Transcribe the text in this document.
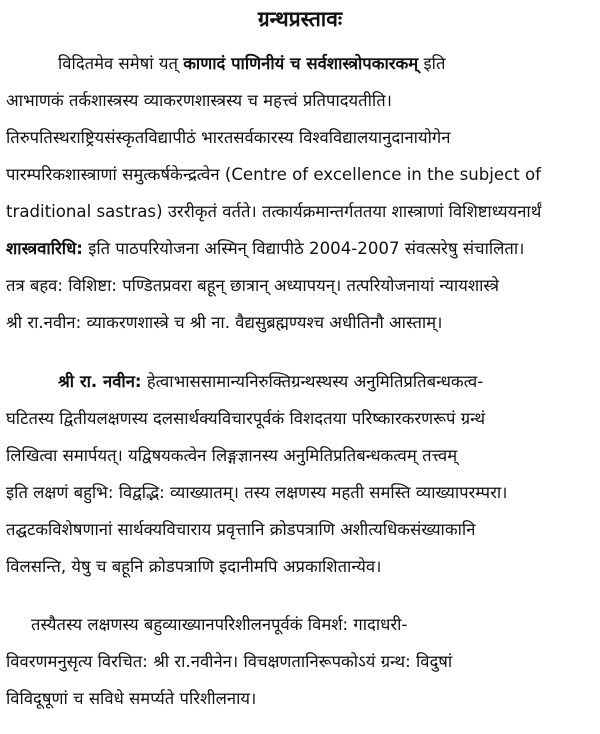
ग्रन्थप्रस्तावः
विदितमेव समेषां यत् काणादं पाणिनीयं च सर्वशास्त्रोपकारकम् इति
आभाणकं तर्कशास्त्रस्य व्याकरणशास्त्रस्य च महत्त्वं प्रतिपादयतीति।
तिरुपतिस्थराष्ट्रियसंस्कृतविद्यापीठं भारतसर्वकारस्य विश्वविद्यालयानुदानायोगेन
पारम्परिकशास्त्राणां समुत्कर्षकेन्द्रत्वेन (Centre of excellence in the subject of
traditional sastras) उररीकृतं वर्तते। तत्कार्यक्रमान्तर्गततया शास्त्राणां विशिष्टाध्ययनार्थं
शास्त्रवारिधि: इति पाठपरियोजना अस्मिन् विद्यापीठे 2004-2007 संवत्सरेषु संचालिता।
तत्र बहव: विशिष्टा: पण्डितप्रवरा बहून् छात्रान् अध्यापयन्। तत्परियोजनायां न्यायशास्त्रे
श्री रा.नवीन: व्याकरणशास्त्रे च श्री ना. वैद्यसुब्रह्मण्यश्च अधीतिनौ आस्ताम्।
श्री रा. नवीन: हेत्वाभाससामान्यनिरुक्तिग्रन्थस्थस्य अनुमितिप्रतिबन्धकत्व-
घटितस्य द्वितीयलक्षणस्य दलसार्थक्यविचारपूर्वकं विशदतया परिष्कारकरणरूपं ग्रन्थं
लिखित्वा समार्पयत्। यद्विषयकत्वेन लिङ्गज्ञानस्य अनुमितिप्रतिबन्धकत्वम् तत्त्वम्
इति लक्षणं बहुभि: विद्वद्भि: व्याख्यातम्। तस्य लक्षणस्य महती समस्ति व्याख्यापरम्परा।
तद्घटकविशेषणानां सार्थक्यविचाराय प्रवृत्तानि क्रोडपत्राणि अशीत्यधिकसंख्याकानि
विलसन्ति, येषु च बहूनि क्रोडपत्राणि इदानीमपि अप्रकाशितान्येव।
तस्यैतस्य लक्षणस्य बहुव्याख्यानपरिशीलनपूर्वकं विमर्श: गादाधरी-
विवरणमनुसृत्य विरचित: श्री रा.नवीनेन। विचक्षणतानिरूपकोऽयं ग्रन्थ: विदुषां
विविदूषूणां च सविधे समर्प्यते परिशीलनाय।
